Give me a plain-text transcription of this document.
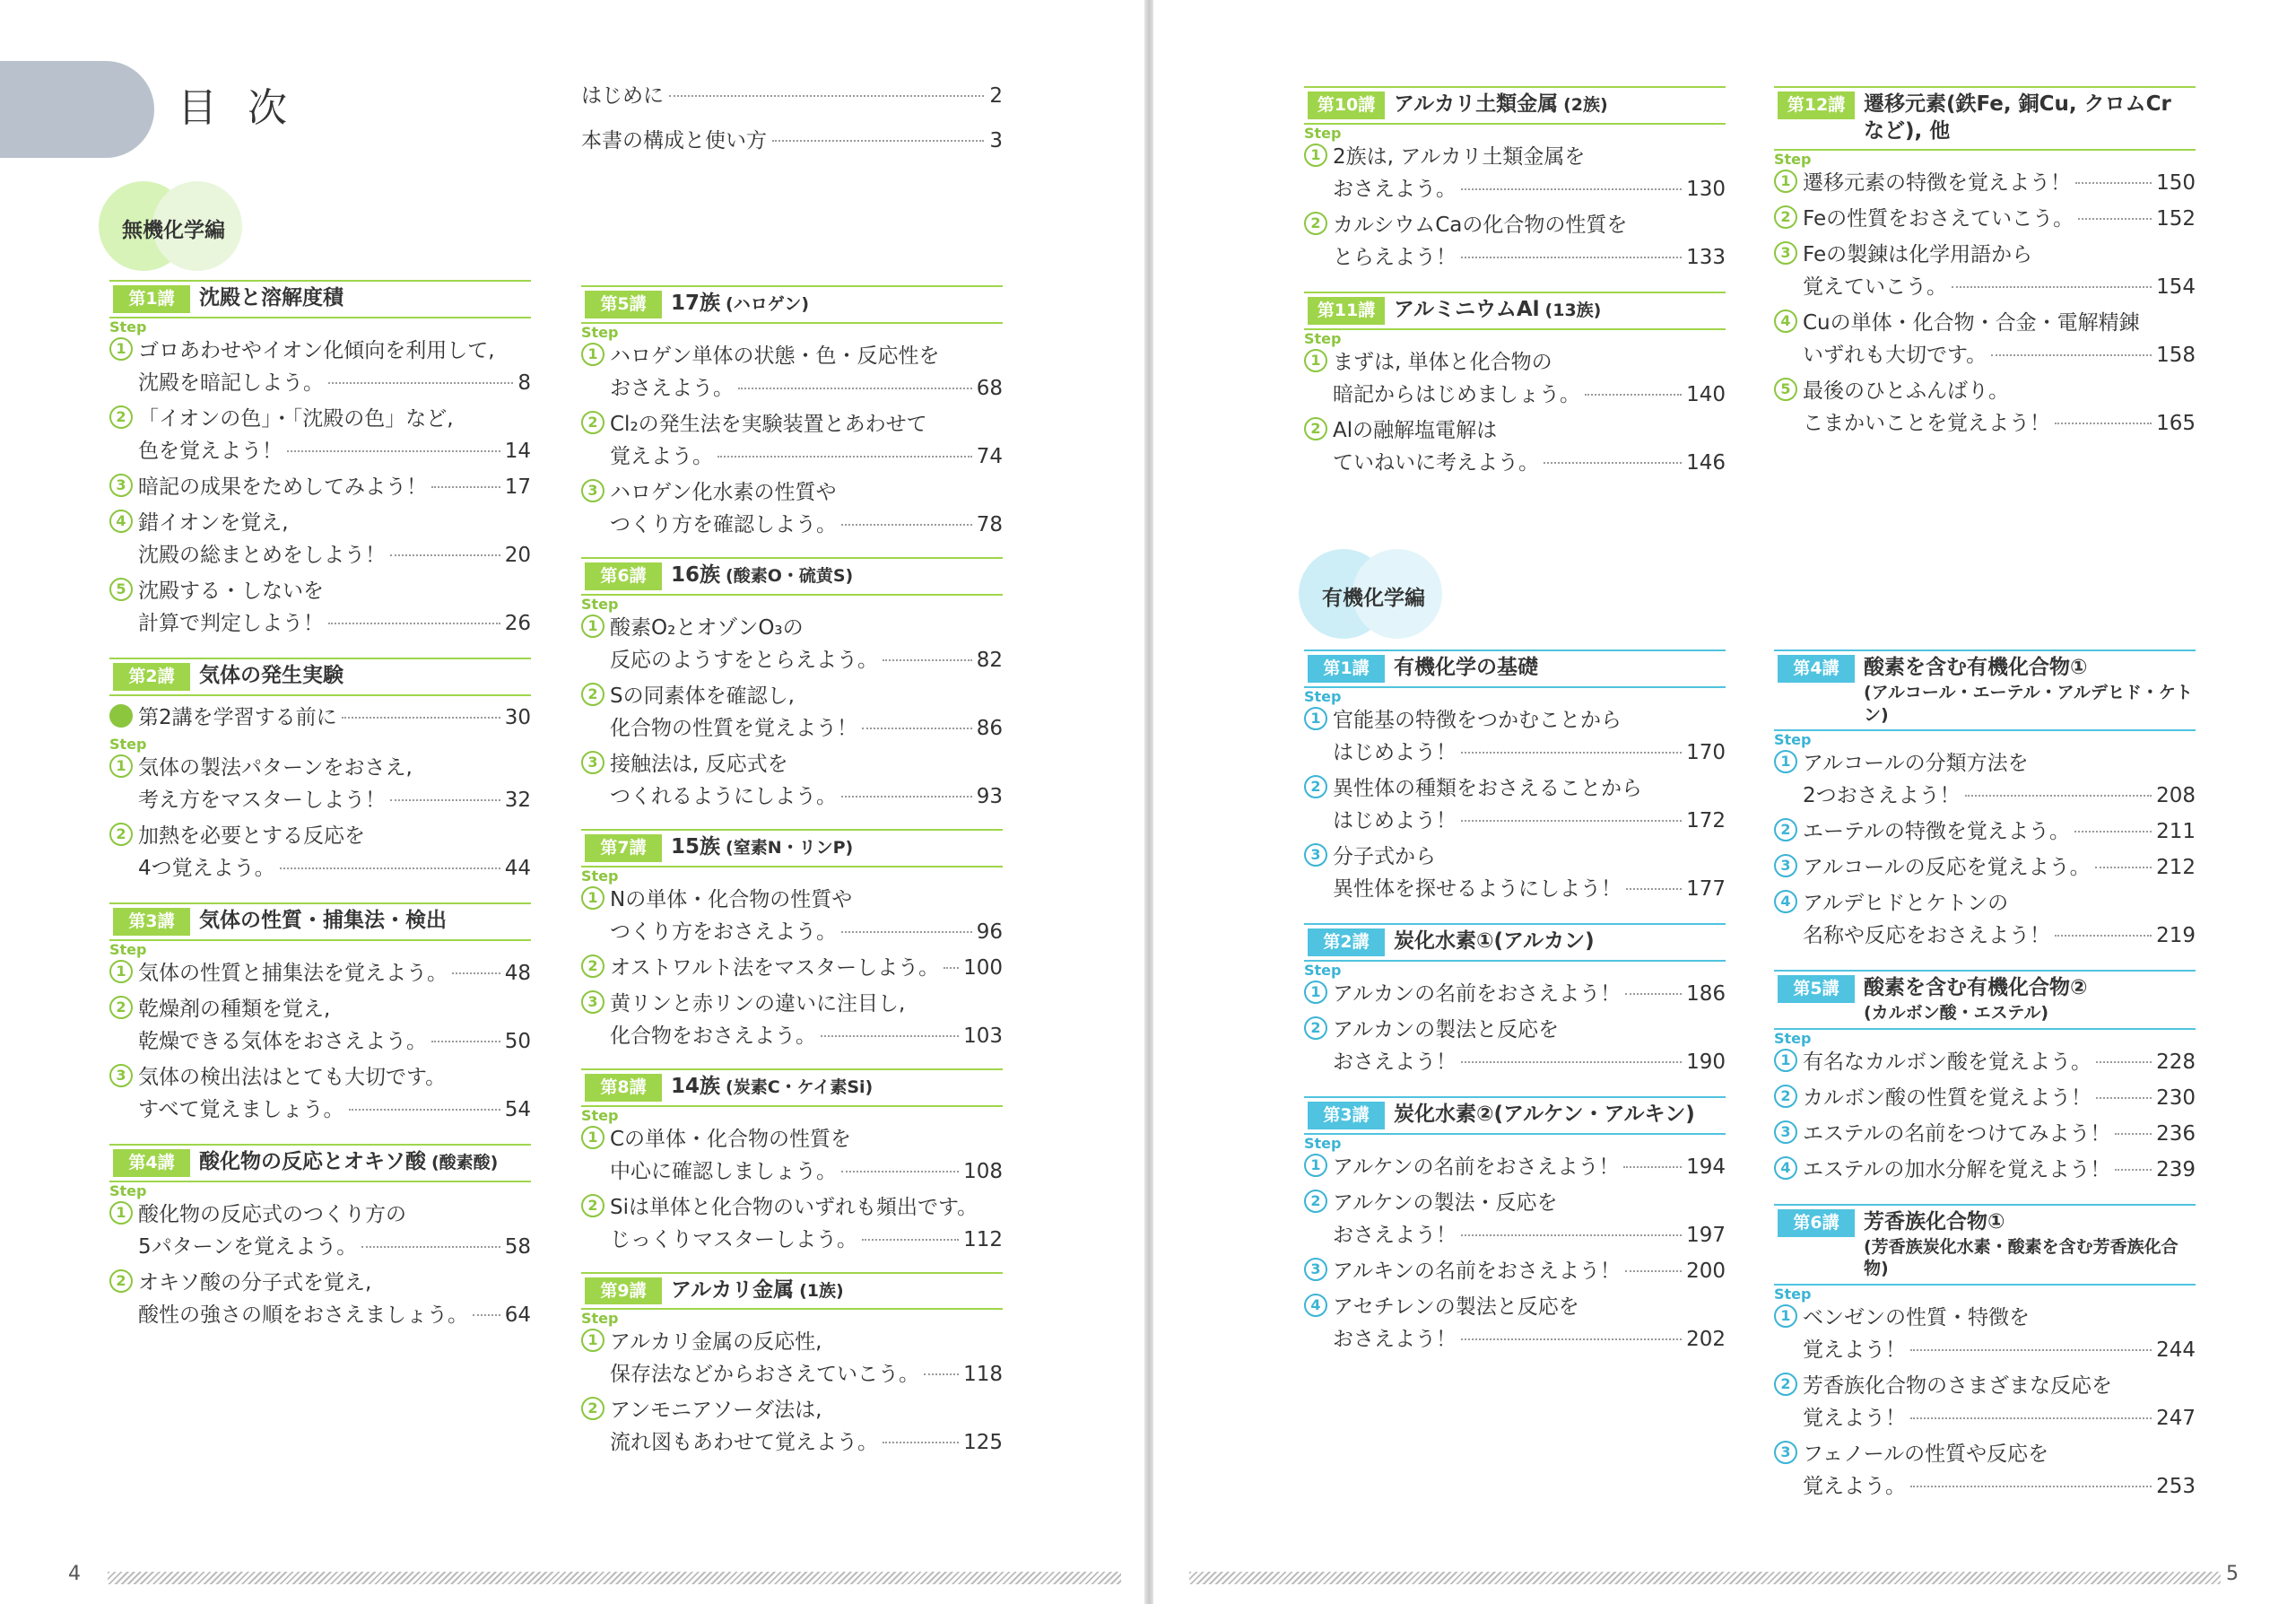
目 次	はじめに	2
本書の構成と使い方	3
無機化学編
第1講	沈殿と溶解度積
Step
1 ゴロあわせやイオン化傾向を利用して,
沈殿を暗記しよう。	8
2 「イオンの色」・「沈殿の色」など,
色を覚えよう！	14
3 暗記の成果をためしてみよう！	17
4 錯イオンを覚え,
沈殿の総まとめをしよう！	20
5 沈殿する・しないを
計算で判定しよう！	26
第2講	気体の発生実験
● 第2講を学習する前に	30
Step
1 気体の製法パターンをおさえ,
考え方をマスターしよう！	32
2 加熱を必要とする反応を
4つ覚えよう。	44
第3講	気体の性質・捕集法・検出
Step
1 気体の性質と捕集法を覚えよう。	48
2 乾燥剤の種類を覚え,
乾燥できる気体をおさえよう。	50
3 気体の検出法はとても大切です。
すべて覚えましょう。	54
第4講	酸化物の反応とオキソ酸 (酸素酸)
Step
1 酸化物の反応式のつくり方の
5パターンを覚えよう。	58
2 オキソ酸の分子式を覚え,
酸性の強さの順をおさえましょう。 64
第5講	17族 (ハロゲン)
Step
1 ハロゲン単体の状態・色・反応性を
おさえよう。	68
2 Cl₂の発生法を実験装置とあわせて
覚えよう。	74
3 ハロゲン化水素の性質や
つくり方を確認しよう。	78
第6講	16族 (酸素O・硫黄S)
Step
1 酸素O₂とオゾンO₃の
反応のようすをとらえよう。	82
2 Sの同素体を確認し,
化合物の性質を覚えよう！	86
3 接触法は, 反応式を
つくれるようにしよう。	93
第7講	15族 (窒素N・リンP)
Step
1 Nの単体・化合物の性質や
つくり方をおさえよう。	96
2 オストワルト法をマスターしよう。 100
3 黄リンと赤リンの違いに注目し,
化合物をおさえよう。	103
第8講	14族 (炭素C・ケイ素Si)
Step
1 Cの単体・化合物の性質を
中心に確認しましょう。	108
2 Siは単体と化合物のいずれも頻出です。
じっくりマスターしよう。	112
第9講	アルカリ金属 (1族)
Step
1 アルカリ金属の反応性,
保存法などからおさえていこう。 118
2 アンモニアソーダ法は,
流れ図もあわせて覚えよう。	125
4
第10講 アルカリ土類金属 (2族)
Step
1 2族は, アルカリ土類金属を
おさえよう。	130
2 カルシウムCaの化合物の性質を
とらえよう！	133
第11講 アルミニウムAl (13族)
Step
1 まずは, 単体と化合物の
暗記からはじめましょう。	140
2 Alの融解塩電解は
ていねいに考えよう。	146
第12講 遷移元素(鉄Fe, 銅Cu, クロムCr
など), 他
Step
1 遷移元素の特徴を覚えよう！	150
2 Feの性質をおさえていこう。	152
3 Feの製錬は化学用語から
覚えていこう。	154
4 Cuの単体・化合物・合金・電解精錬
いずれも大切です。	158
5 最後のひとふんばり。
こまかいことを覚えよう！	165
有機化学編
第1講	有機化学の基礎
Step
1 官能基の特徴をつかむことから
はじめよう！	170
2 異性体の種類をおさえることから
はじめよう！	172
3 分子式から
異性体を探せるようにしよう！	177
第2講	炭化水素①(アルカン)
Step
1 アルカンの名前をおさえよう！	186
2 アルカンの製法と反応を
おさえよう！	190
第3講	炭化水素②(アルケン・アルキン)
Step
1 アルケンの名前をおさえよう！	194
2 アルケンの製法・反応を
おさえよう！	197
3 アルキンの名前をおさえよう！	200
4 アセチレンの製法と反応を
おさえよう！	202
第4講	酸素を含む有機化合物①
(アルコール・エーテル・アルデヒド・ケトン)
Step
1 アルコールの分類方法を
2つおさえよう！	208
2 エーテルの特徴を覚えよう。	211
3 アルコールの反応を覚えよう。	212
4 アルデヒドとケトンの
名称や反応をおさえよう！	219
第5講	酸素を含む有機化合物②
(カルボン酸・エステル)
Step
1 有名なカルボン酸を覚えよう。	228
2 カルボン酸の性質を覚えよう！	230
3 エステルの名前をつけてみよう！ 236
4 エステルの加水分解を覚えよう！ 239
第6講	芳香族化合物①
(芳香族炭化水素・酸素を含む芳香族化合物)
Step
1 ベンゼンの性質・特徴を
覚えよう！	244
2 芳香族化合物のさまざまな反応を
覚えよう！	247
3 フェノールの性質や反応を
覚えよう。	253
5
